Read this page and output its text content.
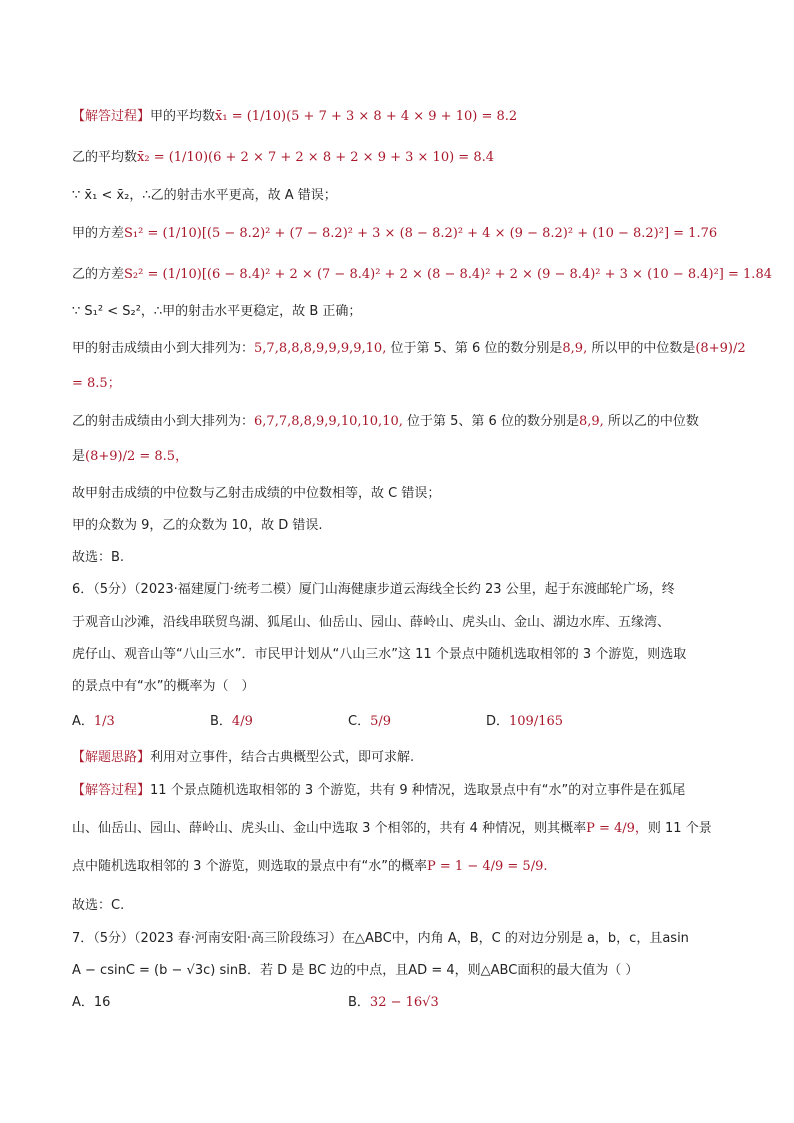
【解答过程】甲的平均数x̄₁ = (1/10)(5 + 7 + 3 × 8 + 4 × 9 + 10) = 8.2
乙的平均数x̄₂ = (1/10)(6 + 2 × 7 + 2 × 8 + 2 × 9 + 3 × 10) = 8.4
∵ x̄₁ < x̄₂，∴乙的射击水平更高，故 A 错误；
甲的方差S₁² = (1/10)[(5 − 8.2)² + (7 − 8.2)² + 3 × (8 − 8.2)² + 4 × (9 − 8.2)² + (10 − 8.2)²] = 1.76
乙的方差S₂² = (1/10)[(6 − 8.4)² + 2 × (7 − 8.4)² + 2 × (8 − 8.4)² + 2 × (9 − 8.4)² + 3 × (10 − 8.4)²] = 1.84
∵ S₁² < S₂²，∴甲的射击水平更稳定，故 B 正确；
甲的射击成绩由小到大排列为：5,7,8,8,8,9,9,9,9,10, 位于第 5、第 6 位的数分别是8,9, 所以甲的中位数是(8+9)/2
= 8.5；
乙的射击成绩由小到大排列为：6,7,7,8,8,9,9,10,10,10, 位于第 5、第 6 位的数分别是8,9, 所以乙的中位数
是(8+9)/2 = 8.5，
故甲射击成绩的中位数与乙射击成绩的中位数相等，故 C 错误；
甲的众数为 9，乙的众数为 10，故 D 错误.
故选：B.
6．（5分）（2023·福建厦门·统考二模）厦门山海健康步道云海线全长约 23 公里，起于东渡邮轮广场，终
于观音山沙滩，沿线串联贸鸟湖、狐尾山、仙岳山、园山、薛岭山、虎头山、金山、湖边水库、五缘湾、
虎仔山、观音山等“八山三水”．市民甲计划从“八山三水”这 11 个景点中随机选取相邻的 3 个游览，则选取
的景点中有“水”的概率为（　）
A．1/3	B．4/9	C．5/9	D．109/165
【解题思路】利用对立事件，结合古典概型公式，即可求解.
【解答过程】11 个景点随机选取相邻的 3 个游览，共有 9 种情况，选取景点中有“水”的对立事件是在狐尾
山、仙岳山、园山、薛岭山、虎头山、金山中选取 3 个相邻的，共有 4 种情况，则其概率P = 4/9，则 11 个景
点中随机选取相邻的 3 个游览，则选取的景点中有“水”的概率P = 1 − 4/9 = 5/9.
故选：C.
7．（5分）（2023 春·河南安阳·高三阶段练习）在△ABC中，内角 A，B，C 的对边分别是 a，b，c，且asin
A − csinC = (b − √3c) sinB．若 D 是 BC 边的中点，且AD = 4，则△ABC面积的最大值为（ ）
A．16	B．32 − 16√3
